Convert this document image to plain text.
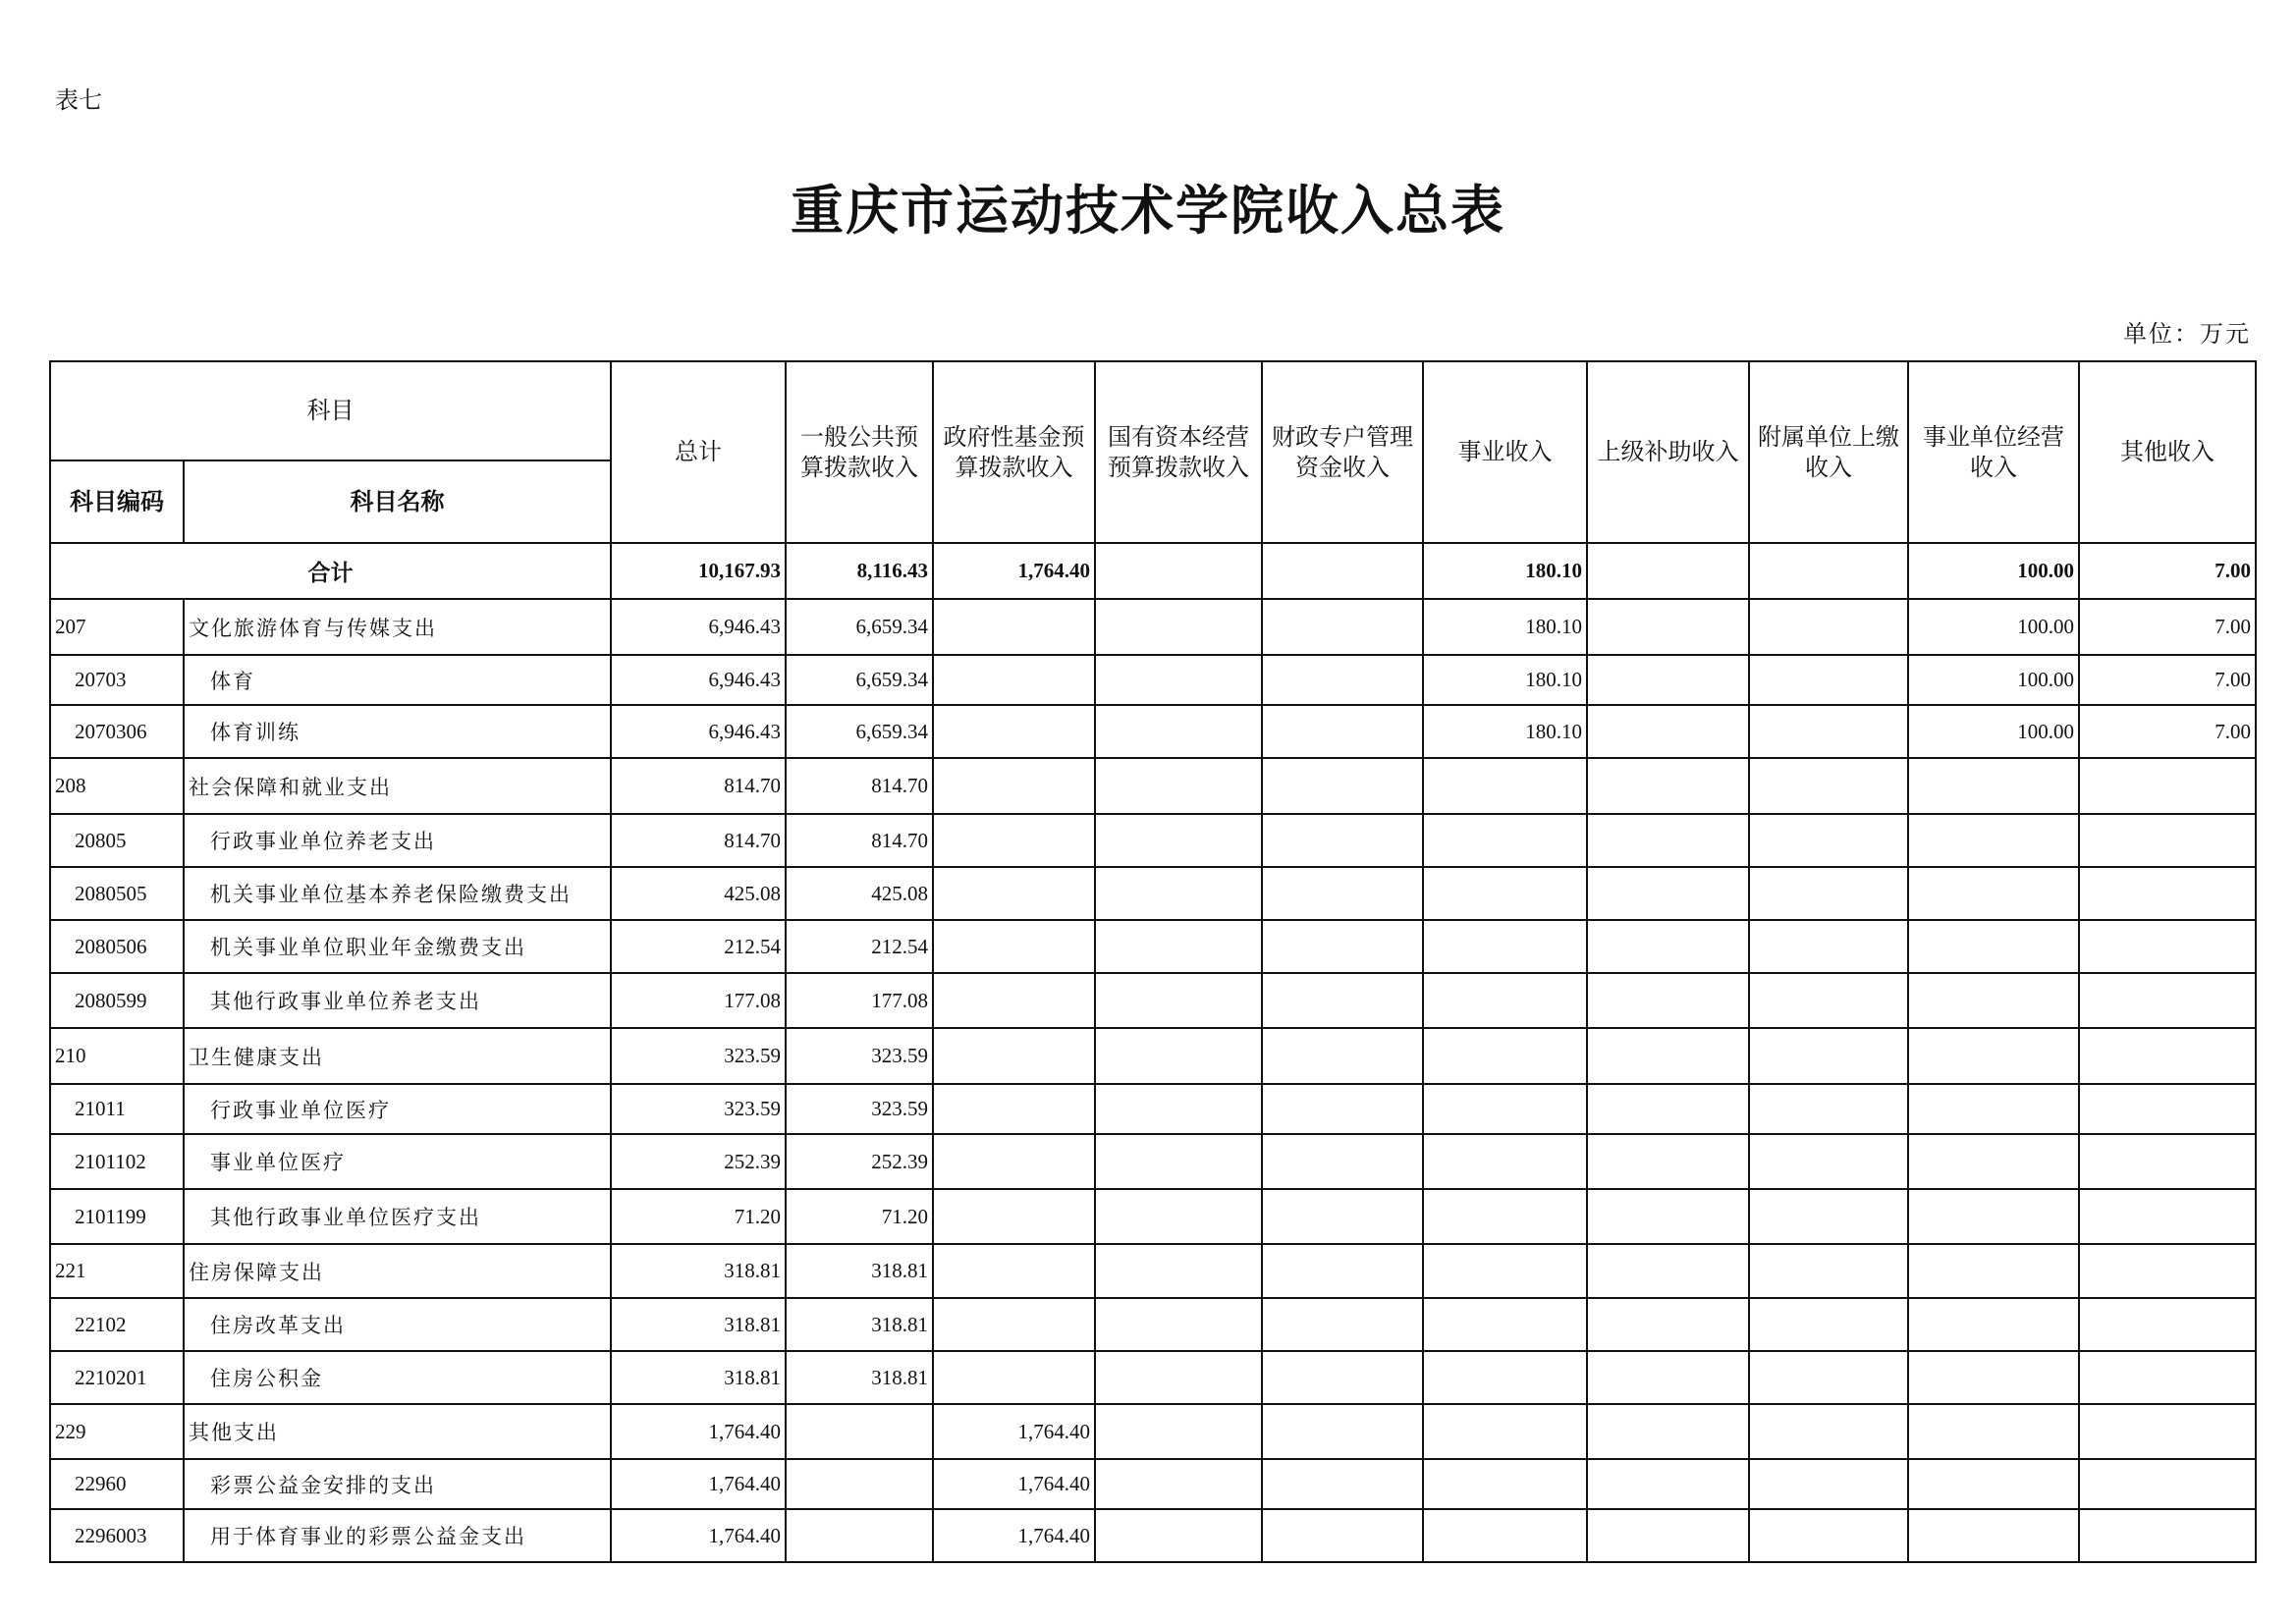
表七
重庆市运动技术学院收入总表
单位：万元
科目		总计	一般公共预算拨款收入	政府性基金预算拨款收入	国有资本经营预算拨款收入	财政专户管理资金收入	事业收入	上级补助收入	附属单位上缴收入	事业单位经营收入	其他收入
科目编码	科目名称										
合计		10,167.93	8,116.43	1,764.40			180.10			100.00	7.00
207	文化旅游体育与传媒支出	6,946.43	6,659.34				180.10			100.00	7.00
20703	体育	6,946.43	6,659.34				180.10			100.00	7.00
2070306	体育训练	6,946.43	6,659.34				180.10			100.00	7.00
208	社会保障和就业支出	814.70	814.70								
20805	行政事业单位养老支出	814.70	814.70								
2080505	机关事业单位基本养老保险缴费支出	425.08	425.08								
2080506	机关事业单位职业年金缴费支出	212.54	212.54								
2080599	其他行政事业单位养老支出	177.08	177.08								
210	卫生健康支出	323.59	323.59								
21011	行政事业单位医疗	323.59	323.59								
2101102	事业单位医疗	252.39	252.39								
2101199	其他行政事业单位医疗支出	71.20	71.20								
221	住房保障支出	318.81	318.81								
22102	住房改革支出	318.81	318.81								
2210201	住房公积金	318.81	318.81								
229	其他支出	1,764.40		1,764.40							
22960	彩票公益金安排的支出	1,764.40		1,764.40							
2296003	用于体育事业的彩票公益金支出	1,764.40		1,764.40							
